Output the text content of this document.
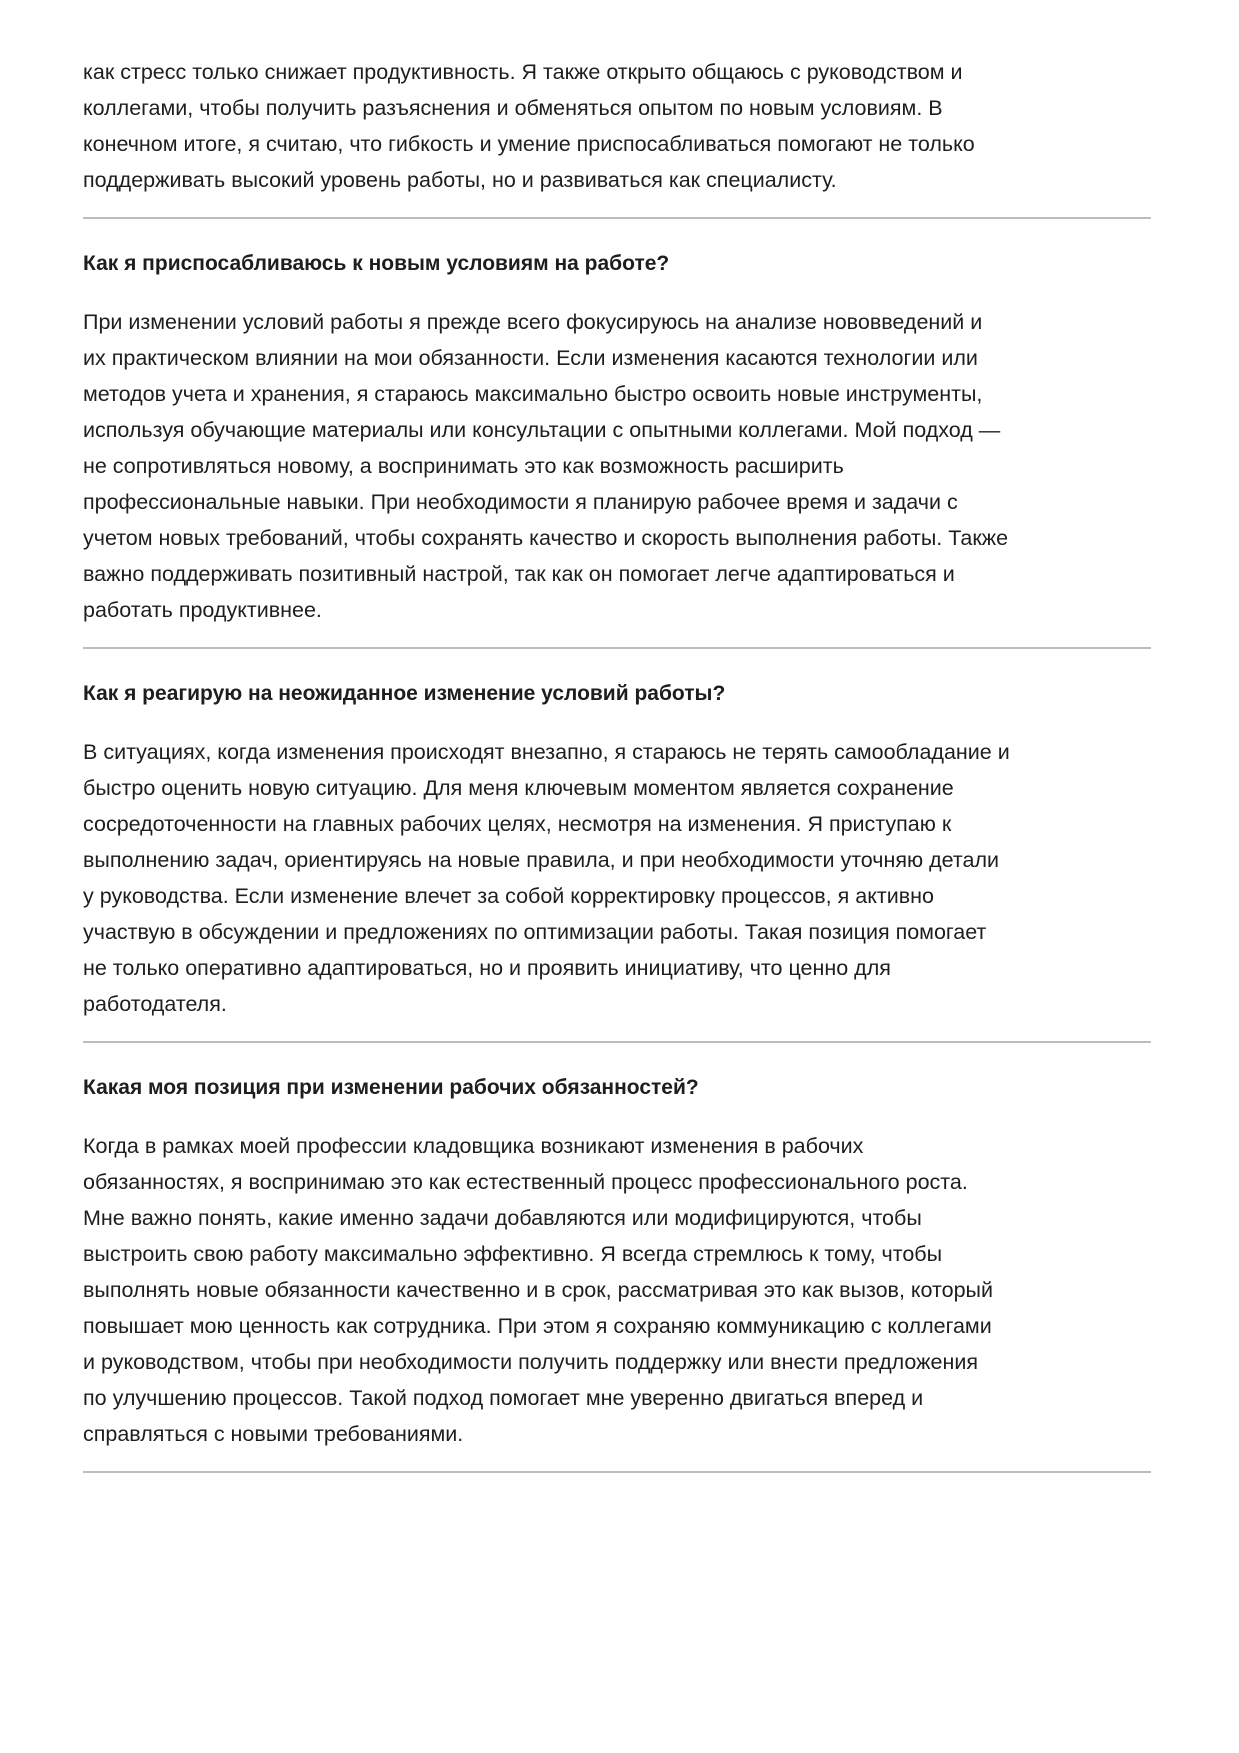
как стресс только снижает продуктивность. Я также открыто общаюсь с руководством и
коллегами, чтобы получить разъяснения и обменяться опытом по новым условиям. В
конечном итоге, я считаю, что гибкость и умение приспосабливаться помогают не только
поддерживать высокий уровень работы, но и развиваться как специалисту.
Как я приспосабливаюсь к новым условиям на работе?
При изменении условий работы я прежде всего фокусируюсь на анализе нововведений и
их практическом влиянии на мои обязанности. Если изменения касаются технологии или
методов учета и хранения, я стараюсь максимально быстро освоить новые инструменты,
используя обучающие материалы или консультации с опытными коллегами. Мой подход —
не сопротивляться новому, а воспринимать это как возможность расширить
профессиональные навыки. При необходимости я планирую рабочее время и задачи с
учетом новых требований, чтобы сохранять качество и скорость выполнения работы. Также
важно поддерживать позитивный настрой, так как он помогает легче адаптироваться и
работать продуктивнее.
Как я реагирую на неожиданное изменение условий работы?
В ситуациях, когда изменения происходят внезапно, я стараюсь не терять самообладание и
быстро оценить новую ситуацию. Для меня ключевым моментом является сохранение
сосредоточенности на главных рабочих целях, несмотря на изменения. Я приступаю к
выполнению задач, ориентируясь на новые правила, и при необходимости уточняю детали
у руководства. Если изменение влечет за собой корректировку процессов, я активно
участвую в обсуждении и предложениях по оптимизации работы. Такая позиция помогает
не только оперативно адаптироваться, но и проявить инициативу, что ценно для
работодателя.
Какая моя позиция при изменении рабочих обязанностей?
Когда в рамках моей профессии кладовщика возникают изменения в рабочих
обязанностях, я воспринимаю это как естественный процесс профессионального роста.
Мне важно понять, какие именно задачи добавляются или модифицируются, чтобы
выстроить свою работу максимально эффективно. Я всегда стремлюсь к тому, чтобы
выполнять новые обязанности качественно и в срок, рассматривая это как вызов, который
повышает мою ценность как сотрудника. При этом я сохраняю коммуникацию с коллегами
и руководством, чтобы при необходимости получить поддержку или внести предложения
по улучшению процессов. Такой подход помогает мне уверенно двигаться вперед и
справляться с новыми требованиями.
